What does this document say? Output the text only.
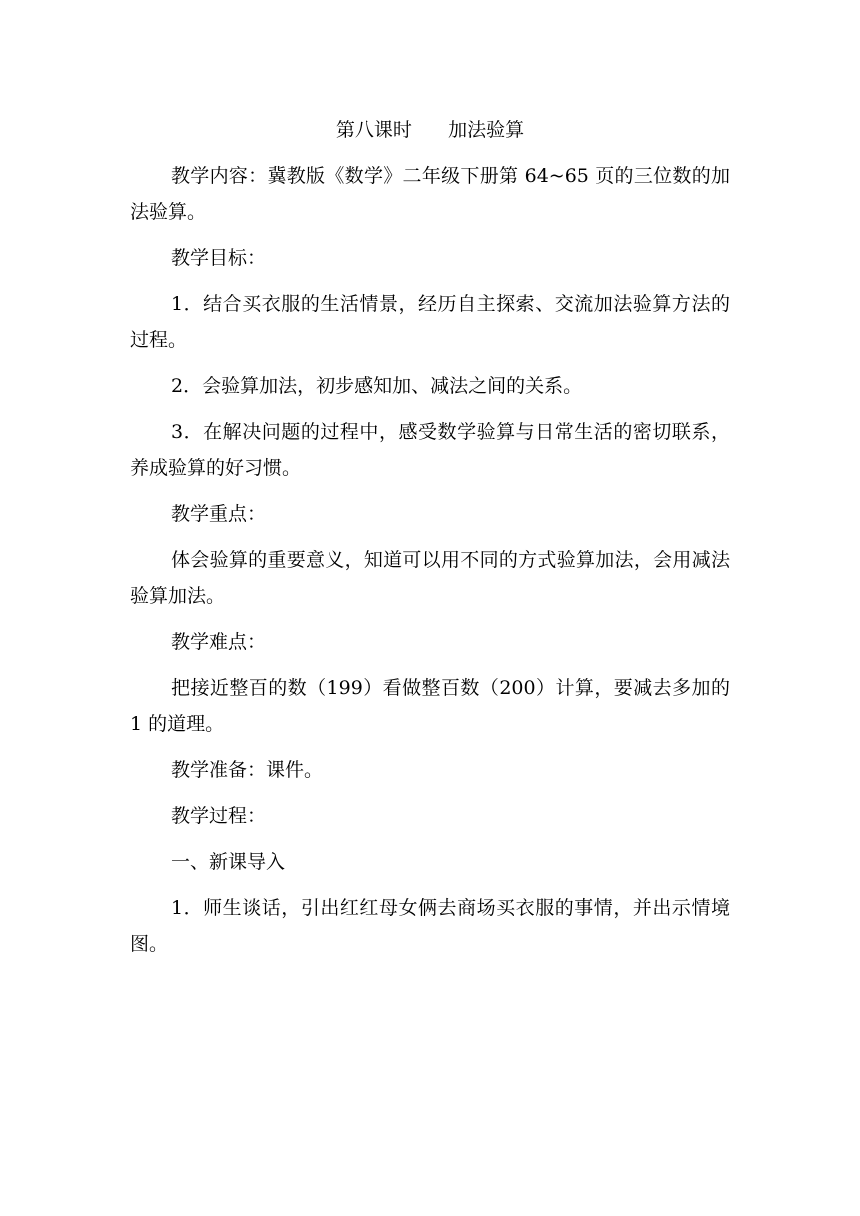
第八课时      加法验算

教学内容：冀教版《数学》二年级下册第 64~65 页的三位数的加法验算。

教学目标：

1．结合买衣服的生活情景，经历自主探索、交流加法验算方法的过程。

2．会验算加法，初步感知加、减法之间的关系。

3．在解决问题的过程中，感受数学验算与日常生活的密切联系，养成验算的好习惯。

教学重点：

体会验算的重要意义，知道可以用不同的方式验算加法，会用减法验算加法。

教学难点：

把接近整百的数（199）看做整百数（200）计算，要减去多加的 1 的道理。

教学准备：课件。

教学过程：

一、新课导入

1．师生谈话，引出红红母女俩去商场买衣服的事情，并出示情境图。
